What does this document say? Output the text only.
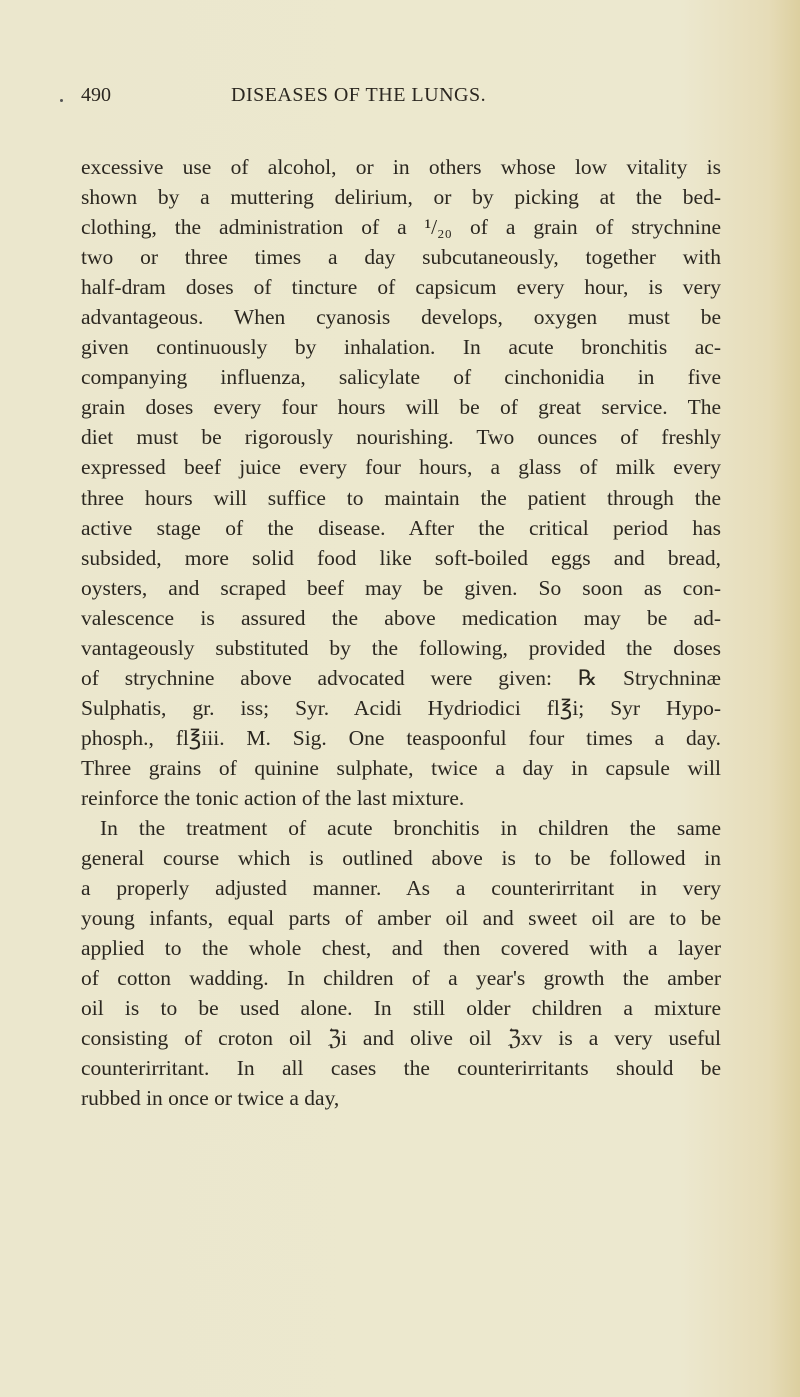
490	DISEASES OF THE LUNGS.
excessive use of alcohol, or in others whose low vitality is
shown by a muttering delirium, or by picking at the bed-
clothing, the administration of a ¹/₂₀ of a grain of strychnine
two or three times a day subcutaneously, together with
half-dram doses of tincture of capsicum every hour, is very
advantageous. When cyanosis develops, oxygen must be
given continuously by inhalation. In acute bronchitis ac-
companying influenza, salicylate of cinchonidia in five
grain doses every four hours will be of great service. The
diet must be rigorously nourishing. Two ounces of freshly
expressed beef juice every four hours, a glass of milk every
three hours will suffice to maintain the patient through the
active stage of the disease. After the critical period has
subsided, more solid food like soft-boiled eggs and bread,
oysters, and scraped beef may be given. So soon as con-
valescence is assured the above medication may be ad-
vantageously substituted by the following, provided the doses
of strychnine above advocated were given: ℞ Strychninæ
Sulphatis, gr. iss; Syr. Acidi Hydriodici fl℥i; Syr Hypo-
phosph., fl℥iii. M. Sig. One teaspoonful four times a day.
Three grains of quinine sulphate, twice a day in capsule will
reinforce the tonic action of the last mixture.
In the treatment of acute bronchitis in children the same
general course which is outlined above is to be followed in
a properly adjusted manner. As a counterirritant in very
young infants, equal parts of amber oil and sweet oil are to be
applied to the whole chest, and then covered with a layer
of cotton wadding. In children of a year's growth the amber
oil is to be used alone. In still older children a mixture
consisting of croton oil ℨi and olive oil ℨxv is a very useful
counterirritant. In all cases the counterirritants should be
rubbed in once or twice a day,
